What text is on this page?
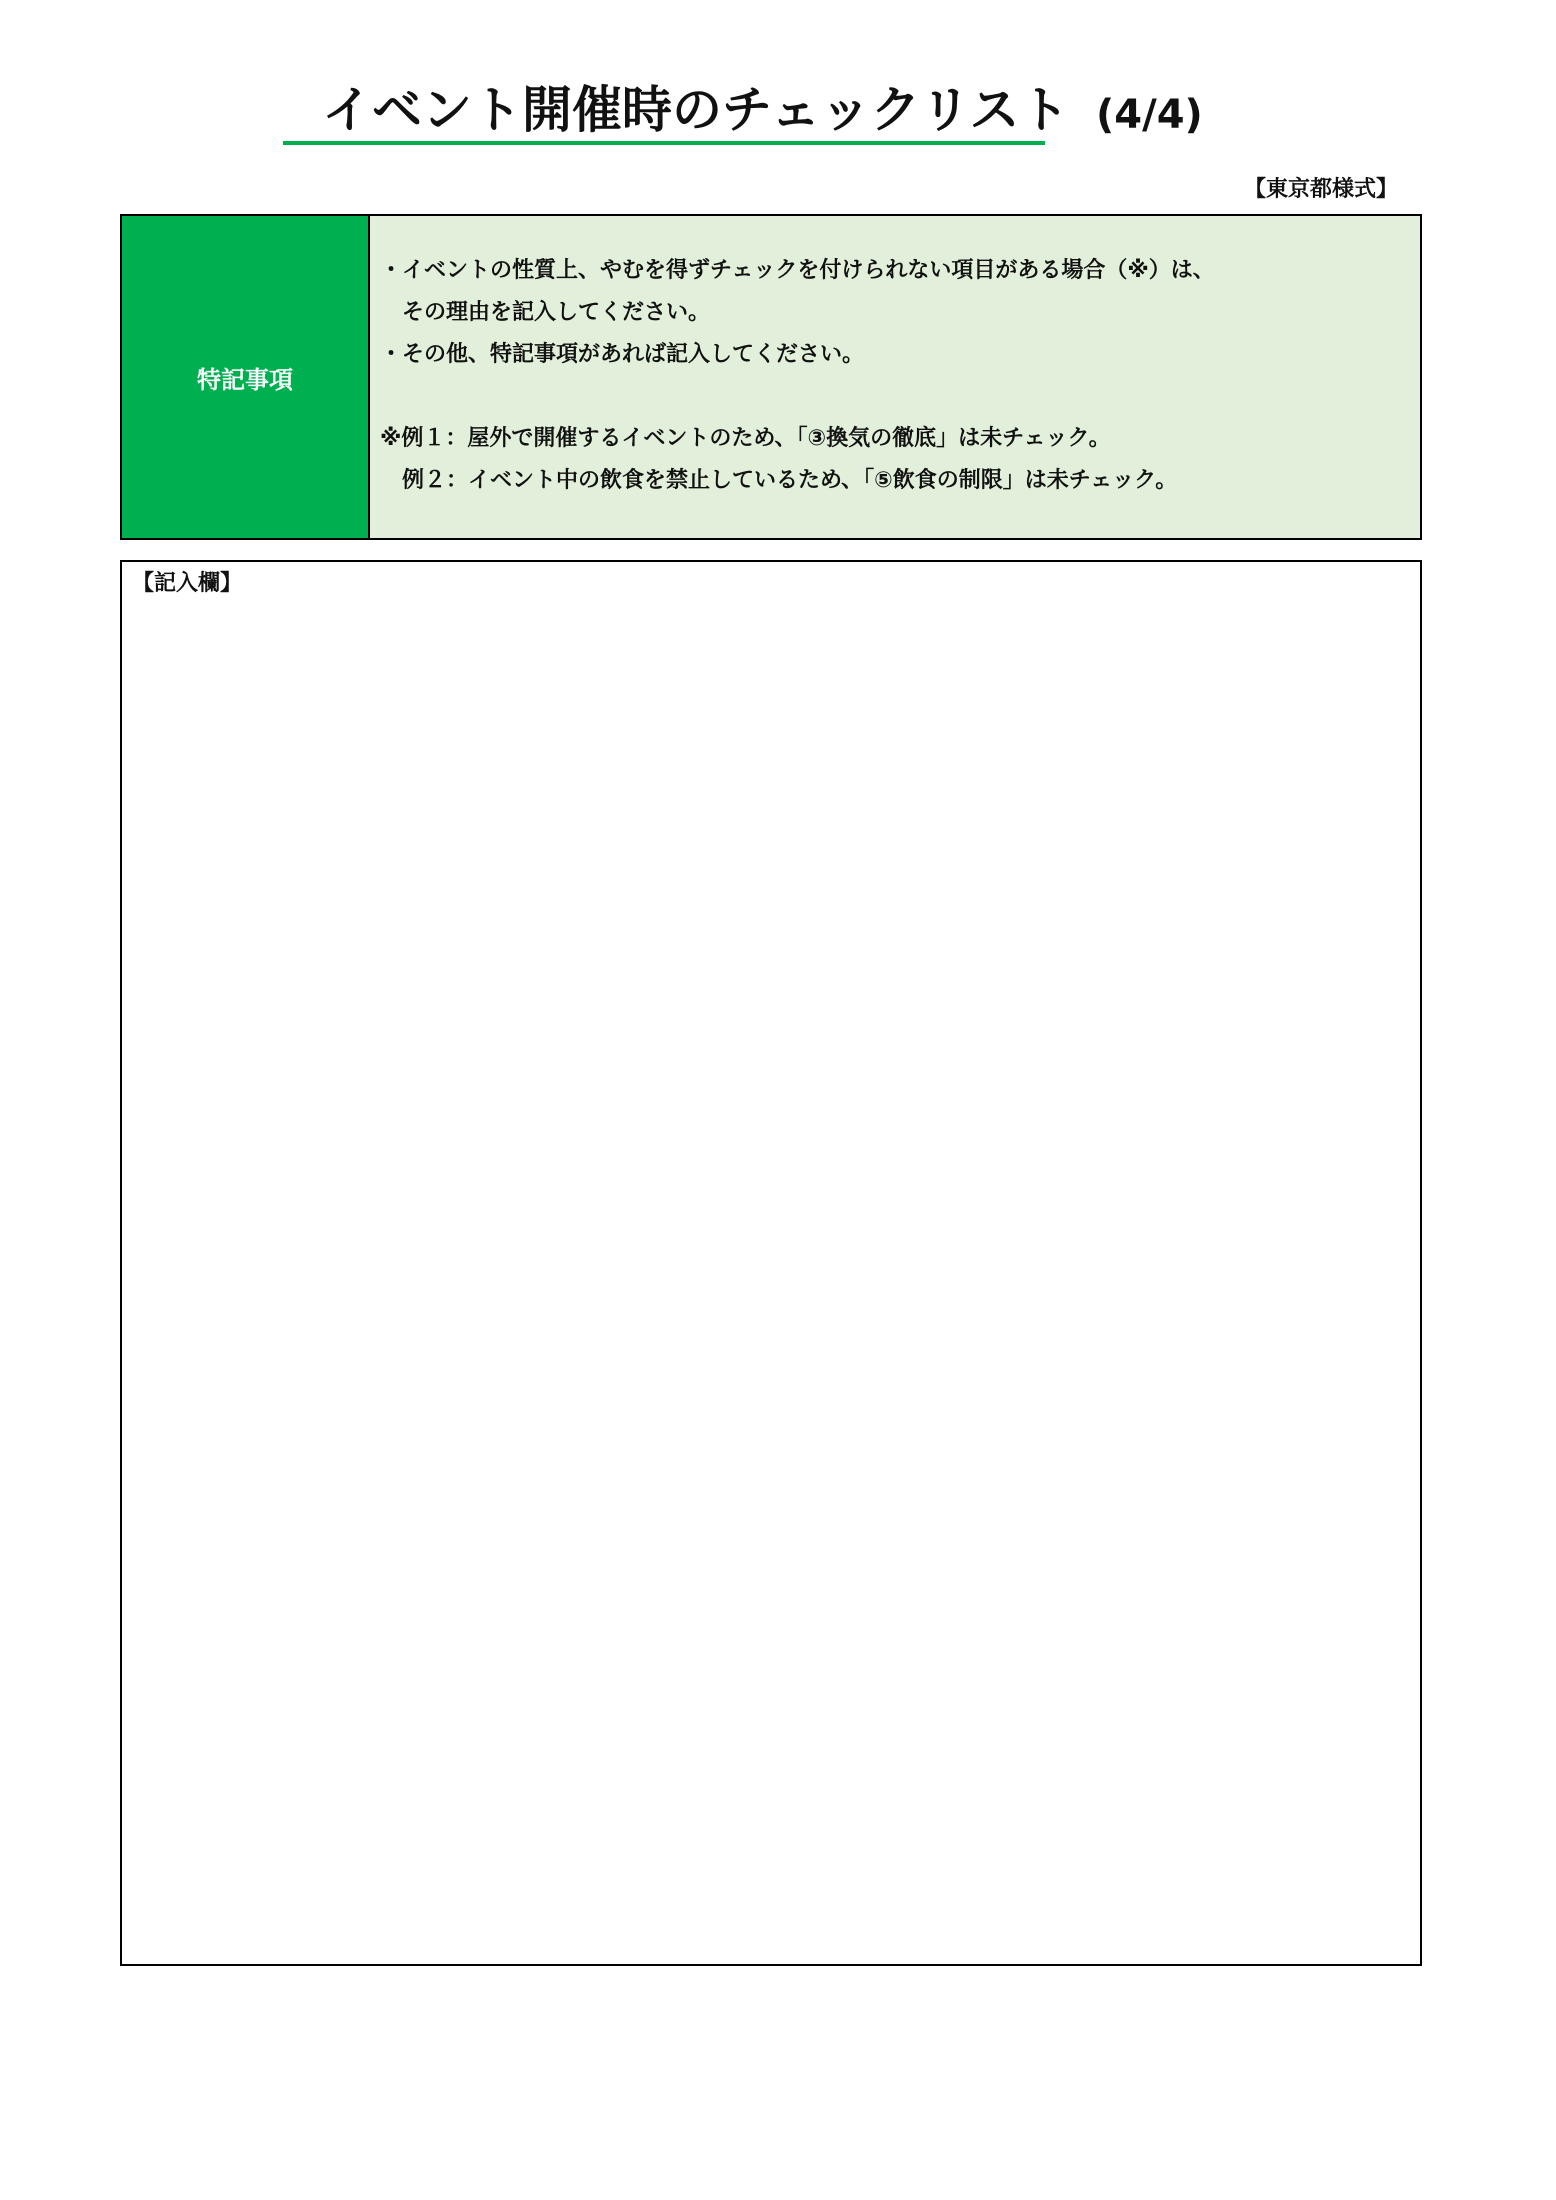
イベント開催時のチェックリスト (4/4)
【東京都様式】
特記事項
・イベントの性質上、やむを得ずチェックを付けられない項目がある場合（※）は、
　その理由を記入してください。
・その他、特記事項があれば記入してください。
※例１：屋外で開催するイベントのため、「③換気の徹底」は未チェック。
　例２：イベント中の飲食を禁止しているため、「⑤飲食の制限」は未チェック。
【記入欄】
